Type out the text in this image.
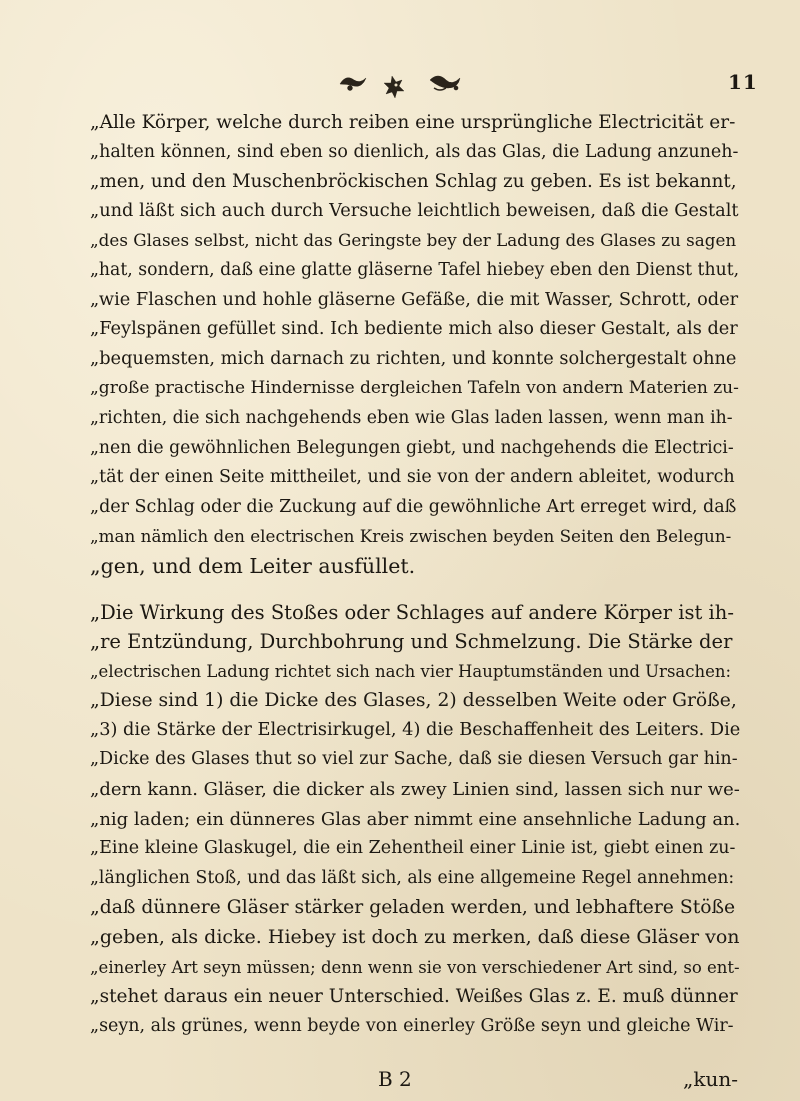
11

„Alle Körper, welche durch reiben eine ursprüngliche Electricität er-
„halten können, sind eben so dienlich, als das Glas, die Ladung anzuneh-
„men, und den Muschenbröckischen Schlag zu geben. Es ist bekannt,
„und läßt sich auch durch Versuche leichtlich beweisen, daß die Gestalt
„des Glases selbst, nicht das Geringste bey der Ladung des Glases zu sagen
„hat, sondern, daß eine glatte gläserne Tafel hiebey eben den Dienst thut,
„wie Flaschen und hohle gläserne Gefäße, die mit Wasser, Schrott, oder
„Feylspänen gefüllet sind. Ich bediente mich also dieser Gestalt, als der
„bequemsten, mich darnach zu richten, und konnte solchergestalt ohne
„große practische Hindernisse dergleichen Tafeln von andern Materien zu-
„richten, die sich nachgehends eben wie Glas laden lassen, wenn man ih-
„nen die gewöhnlichen Belegungen giebt, und nachgehends die Electrici-
„tät der einen Seite mittheilet, und sie von der andern ableitet, wodurch
„der Schlag oder die Zuckung auf die gewöhnliche Art erreget wird, daß
„man nämlich den electrischen Kreis zwischen beyden Seiten den Belegun-
„gen, und dem Leiter ausfüllet.

„Die Wirkung des Stoßes oder Schlages auf andere Körper ist ih-
„re Entzündung, Durchbohrung und Schmelzung. Die Stärke der
„electrischen Ladung richtet sich nach vier Hauptumständen und Ursachen:
„Diese sind 1) die Dicke des Glases, 2) desselben Weite oder Größe,
„3) die Stärke der Electrisirkugel, 4) die Beschaffenheit des Leiters. Die
„Dicke des Glases thut so viel zur Sache, daß sie diesen Versuch gar hin-
„dern kann. Gläser, die dicker als zwey Linien sind, lassen sich nur we-
„nig laden; ein dünneres Glas aber nimmt eine ansehnliche Ladung an.
„Eine kleine Glaskugel, die ein Zehentheil einer Linie ist, giebt einen zu-
„länglichen Stoß, und das läßt sich, als eine allgemeine Regel annehmen:
„daß dünnere Gläser stärker geladen werden, und lebhaftere Stöße
„geben, als dicke. Hiebey ist doch zu merken, daß diese Gläser von
„einerley Art seyn müssen; denn wenn sie von verschiedener Art sind, so ent-
„stehet daraus ein neuer Unterschied. Weißes Glas z. E. muß dünner
„seyn, als grünes, wenn beyde von einerley Größe seyn und gleiche Wir-

B 2	„kun-
